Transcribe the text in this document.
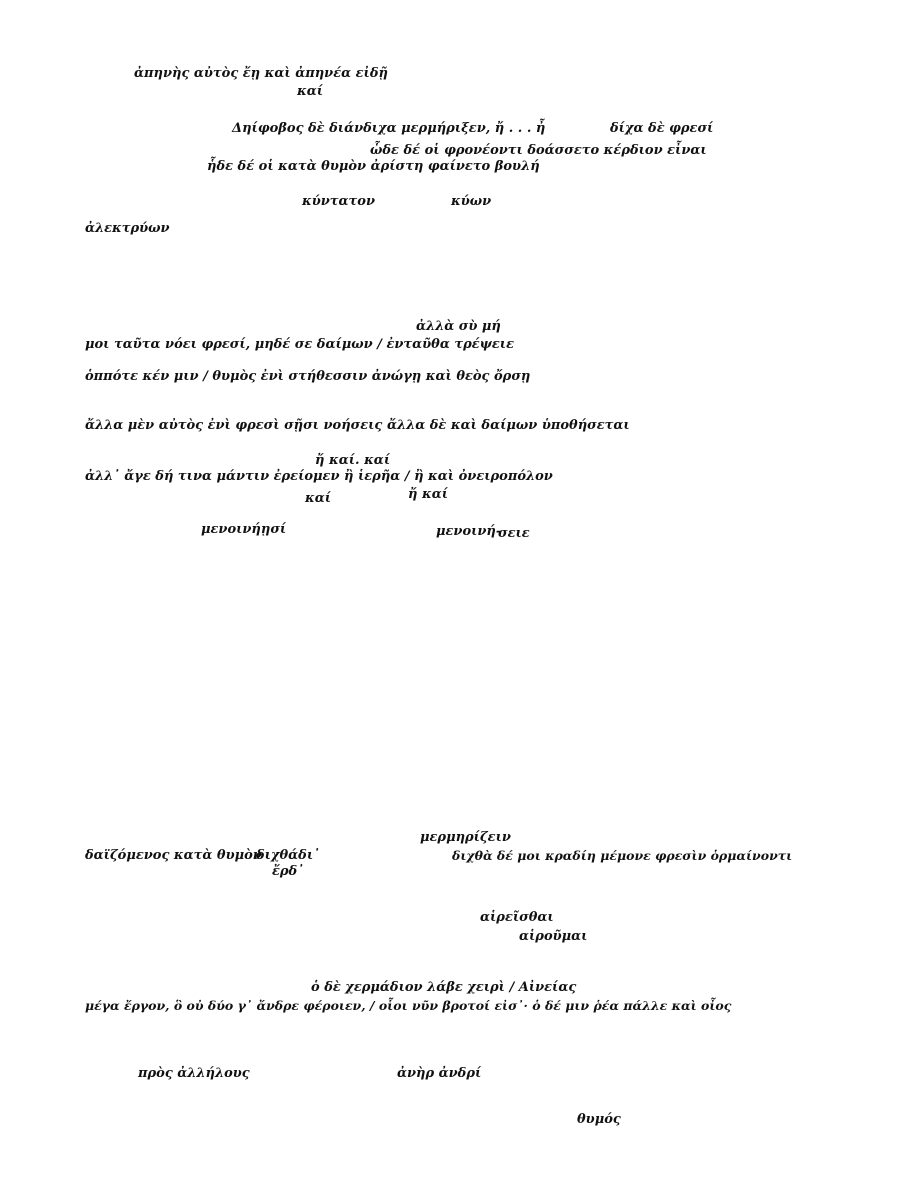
ἀπηνὴς αὐτὸς ἔῃ καὶ ἀπηνέα εἰδῇ
καί
Δηίφοβος δὲ διάνδιχα μερμήριξεν, ἤ . . . ἦ	δίχα δὲ φρεσί
ὧδε δέ οἱ φρονέοντι δοάσσετο κέρδιον εἶναι
ἧδε δέ οἱ κατὰ θυμὸν ἀρίστη φαίνετο βουλή
κύντατον	κύων
ἀλεκτρύων
ἀλλὰ σὺ μή
μοι ταῦτα νόει φρεσί, μηδέ σε δαίμων / ἐνταῦθα τρέψειε
ὁππότε κέν μιν / θυμὸς ἐνὶ στήθεσσιν ἀνώγῃ καὶ θεὸς ὄρσῃ
ἄλλα μὲν αὐτὸς ἐνὶ φρεσὶ σῇσι νοήσεις ἄλλα δὲ καὶ δαίμων ὑποθήσεται
ἤ καί. καί
ἀλλ᾽ ἄγε δή τινα μάντιν ἐρείομεν ἢ ἱερῆα / ἢ καὶ ὀνειροπόλον
καί	ἤ καί
μενοινήῃσί	μενοινή-
σειε
μερμηρίζειν
δαϊζόμενος κατὰ θυμὸν
διχθάδι᾽	διχθὰ δέ μοι κραδίη μέμονε φρεσὶν ὁρμαίνοντι
ἔρδ᾽
αἱρεῖσθαι
αἱροῦμαι
ὁ δὲ χερμάδιον λάβε χειρὶ / Αἰνείας
μέγα ἔργον, ὃ οὐ δύο γ᾽ ἄνδρε φέροιεν, / οἷοι νῦν βροτοί εἰσ᾽· ὁ δέ μιν ῥέα πάλλε καὶ οἶος
πρὸς ἀλλήλους	ἀνὴρ ἀνδρί
θυμός
